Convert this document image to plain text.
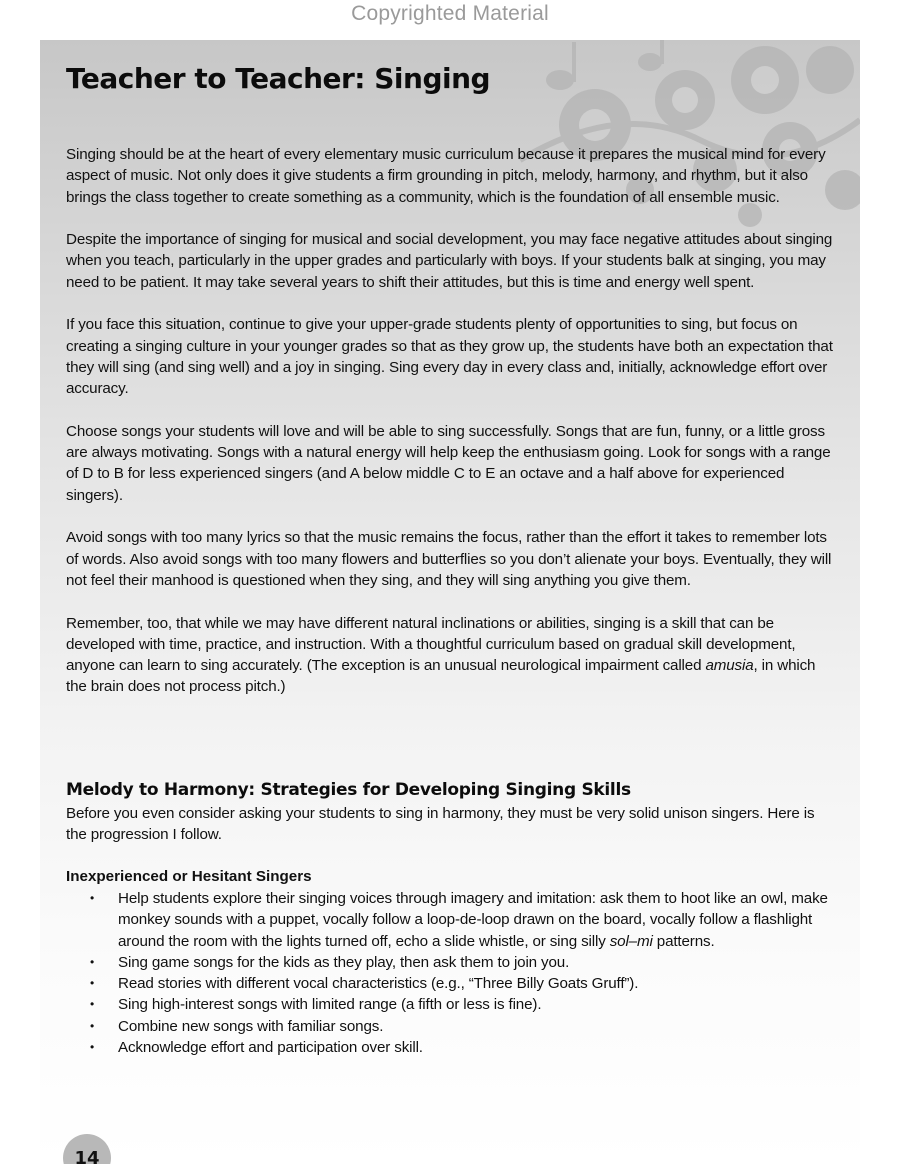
Copyrighted Material
Teacher to Teacher: Singing

Singing should be at the heart of every elementary music curriculum because it prepares the musical mind for every aspect of music. Not only does it give students a firm grounding in pitch, melody, harmony, and rhythm, but it also brings the class together to create something as a community, which is the foundation of all ensemble music.

Despite the importance of singing for musical and social development, you may face negative attitudes about singing when you teach, particularly in the upper grades and particularly with boys. If your students balk at singing, you may need to be patient. It may take several years to shift their attitudes, but this is time and energy well spent.

If you face this situation, continue to give your upper-grade students plenty of opportunities to sing, but focus on creating a singing culture in your younger grades so that as they grow up, the students have both an expectation that they will sing (and sing well) and a joy in singing. Sing every day in every class and, initially, acknowledge effort over accuracy.

Choose songs your students will love and will be able to sing successfully. Songs that are fun, funny, or a little gross are always motivating. Songs with a natural energy will help keep the enthusiasm going. Look for songs with a range of D to B for less experienced singers (and A below middle C to E an octave and a half above for experienced singers).

Avoid songs with too many lyrics so that the music remains the focus, rather than the effort it takes to remember lots of words. Also avoid songs with too many flowers and butterflies so you don’t alienate your boys. Eventually, they will not feel their manhood is questioned when they sing, and they will sing anything you give them.

Remember, too, that while we may have different natural inclinations or abilities, singing is a skill that can be developed with time, practice, and instruction. With a thoughtful curriculum based on gradual skill development, anyone can learn to sing accurately. (The exception is an unusual neurological impairment called amusia, in which the brain does not process pitch.)

Melody to Harmony: Strategies for Developing Singing Skills

Before you even consider asking your students to sing in harmony, they must be very solid unison singers. Here is the progression I follow.

Inexperienced or Hesitant Singers
• Help students explore their singing voices through imagery and imitation: ask them to hoot like an owl, make monkey sounds with a puppet, vocally follow a loop-de-loop drawn on the board, vocally follow a flashlight around the room with the lights turned off, echo a slide whistle, or sing silly sol–mi patterns.
• Sing game songs for the kids as they play, then ask them to join you.
• Read stories with different vocal characteristics (e.g., “Three Billy Goats Gruff”).
• Sing high-interest songs with limited range (a fifth or less is fine).
• Combine new songs with familiar songs.
• Acknowledge effort and participation over skill.
14
